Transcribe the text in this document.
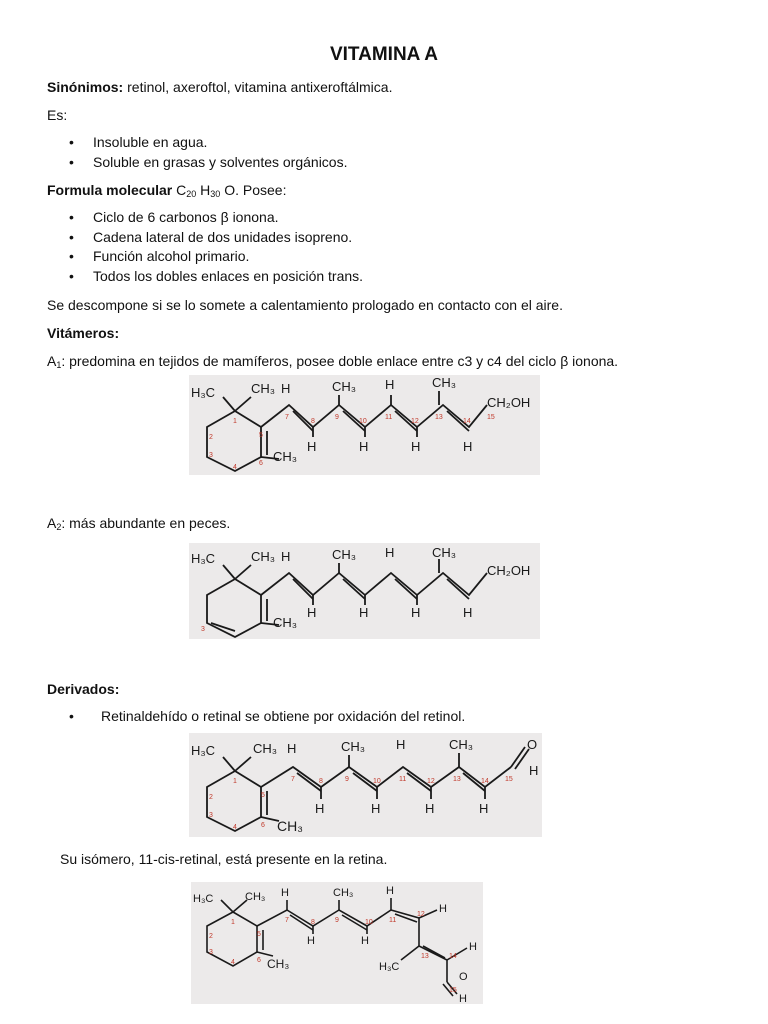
VITAMINA A
Sinónimos: retinol, axeroftol, vitamina antixeroftálmica.
Es:
• Insoluble en agua.
• Soluble en grasas y solventes orgánicos.
Formula molecular $C_{20}$ $H_{30}$ O. Posee:
• Ciclo de 6 carbonos β ionona.
• Cadena lateral de dos unidades isopreno.
• Función alcohol primario.
• Todos los dobles enlaces en posición trans.
Se descompone si se lo somete a calentamiento prologado en contacto con el aire.
Vitámeros:
$A_1$: predomina en tejidos de mamíferos, posee doble enlace entre c3 y c4 del ciclo β ionona.
H₃C	CH₃ H	CH₃ H	CH₃
CH₂OH
H	H	H	H
CH₃
1
2
3
4
5
6
7
8
9
10
11
12
13
14
15
$A_2$: más abundante en peces.
H₃C	CH₃ H	CH₃ H	CH₃
CH₂OH
H	H	H	H
CH₃
3
Derivados:
• Retinaldehído o retinal se obtiene por oxidación del retinol.
H₃C	CH₃ H	CH₃ H	CH₃	O
H
H	H	H	H
CH₃
1
2
3
4
5
6
7	8	9	10	11	12	13	14 15
Su isómero, 11-cis-retinal, está presente en la retina.
H₃C	CH₃ H	CH₃	H
H
H	H	H
H₃C
CH₃
O
H
1
2
3
4
5
6
7	8	9	10 11
12
13	14
15
